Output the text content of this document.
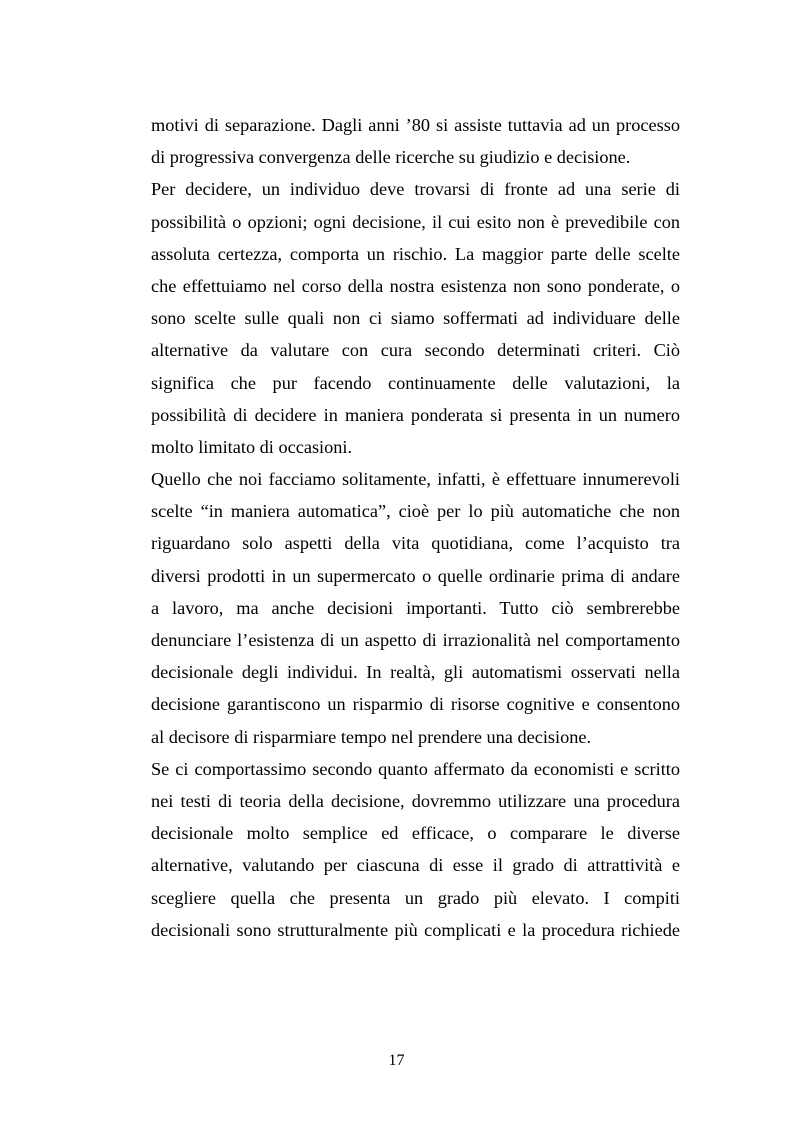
motivi di separazione. Dagli anni ’80 si assiste tuttavia ad un processo
di progressiva convergenza delle ricerche su giudizio e decisione.
Per decidere, un individuo deve trovarsi di fronte ad una serie di
possibilità o opzioni; ogni decisione, il cui esito non è prevedibile con
assoluta certezza, comporta un rischio. La maggior parte delle scelte
che effettuiamo nel corso della nostra esistenza non sono ponderate, o
sono scelte sulle quali non ci siamo soffermati ad individuare delle
alternative da valutare con cura secondo determinati criteri. Ciò
significa che pur facendo continuamente delle valutazioni, la
possibilità di decidere in maniera ponderata si presenta in un numero
molto limitato di occasioni.
Quello che noi facciamo solitamente, infatti, è effettuare innumerevoli
scelte “in maniera automatica”, cioè per lo più automatiche che non
riguardano solo aspetti della vita quotidiana, come l’acquisto tra
diversi prodotti in un supermercato o quelle ordinarie prima di andare
a lavoro, ma anche decisioni importanti. Tutto ciò sembrerebbe
denunciare l’esistenza di un aspetto di irrazionalità nel comportamento
decisionale degli individui. In realtà, gli automatismi osservati nella
decisione garantiscono un risparmio di risorse cognitive e consentono
al decisore di risparmiare tempo nel prendere una decisione.
Se ci comportassimo secondo quanto affermato da economisti e scritto
nei testi di teoria della decisione, dovremmo utilizzare una procedura
decisionale molto semplice ed efficace, o comparare le diverse
alternative, valutando per ciascuna di esse il grado di attrattività e
scegliere quella che presenta un grado più elevato. I compiti
decisionali sono strutturalmente più complicati e la procedura richiede
17
